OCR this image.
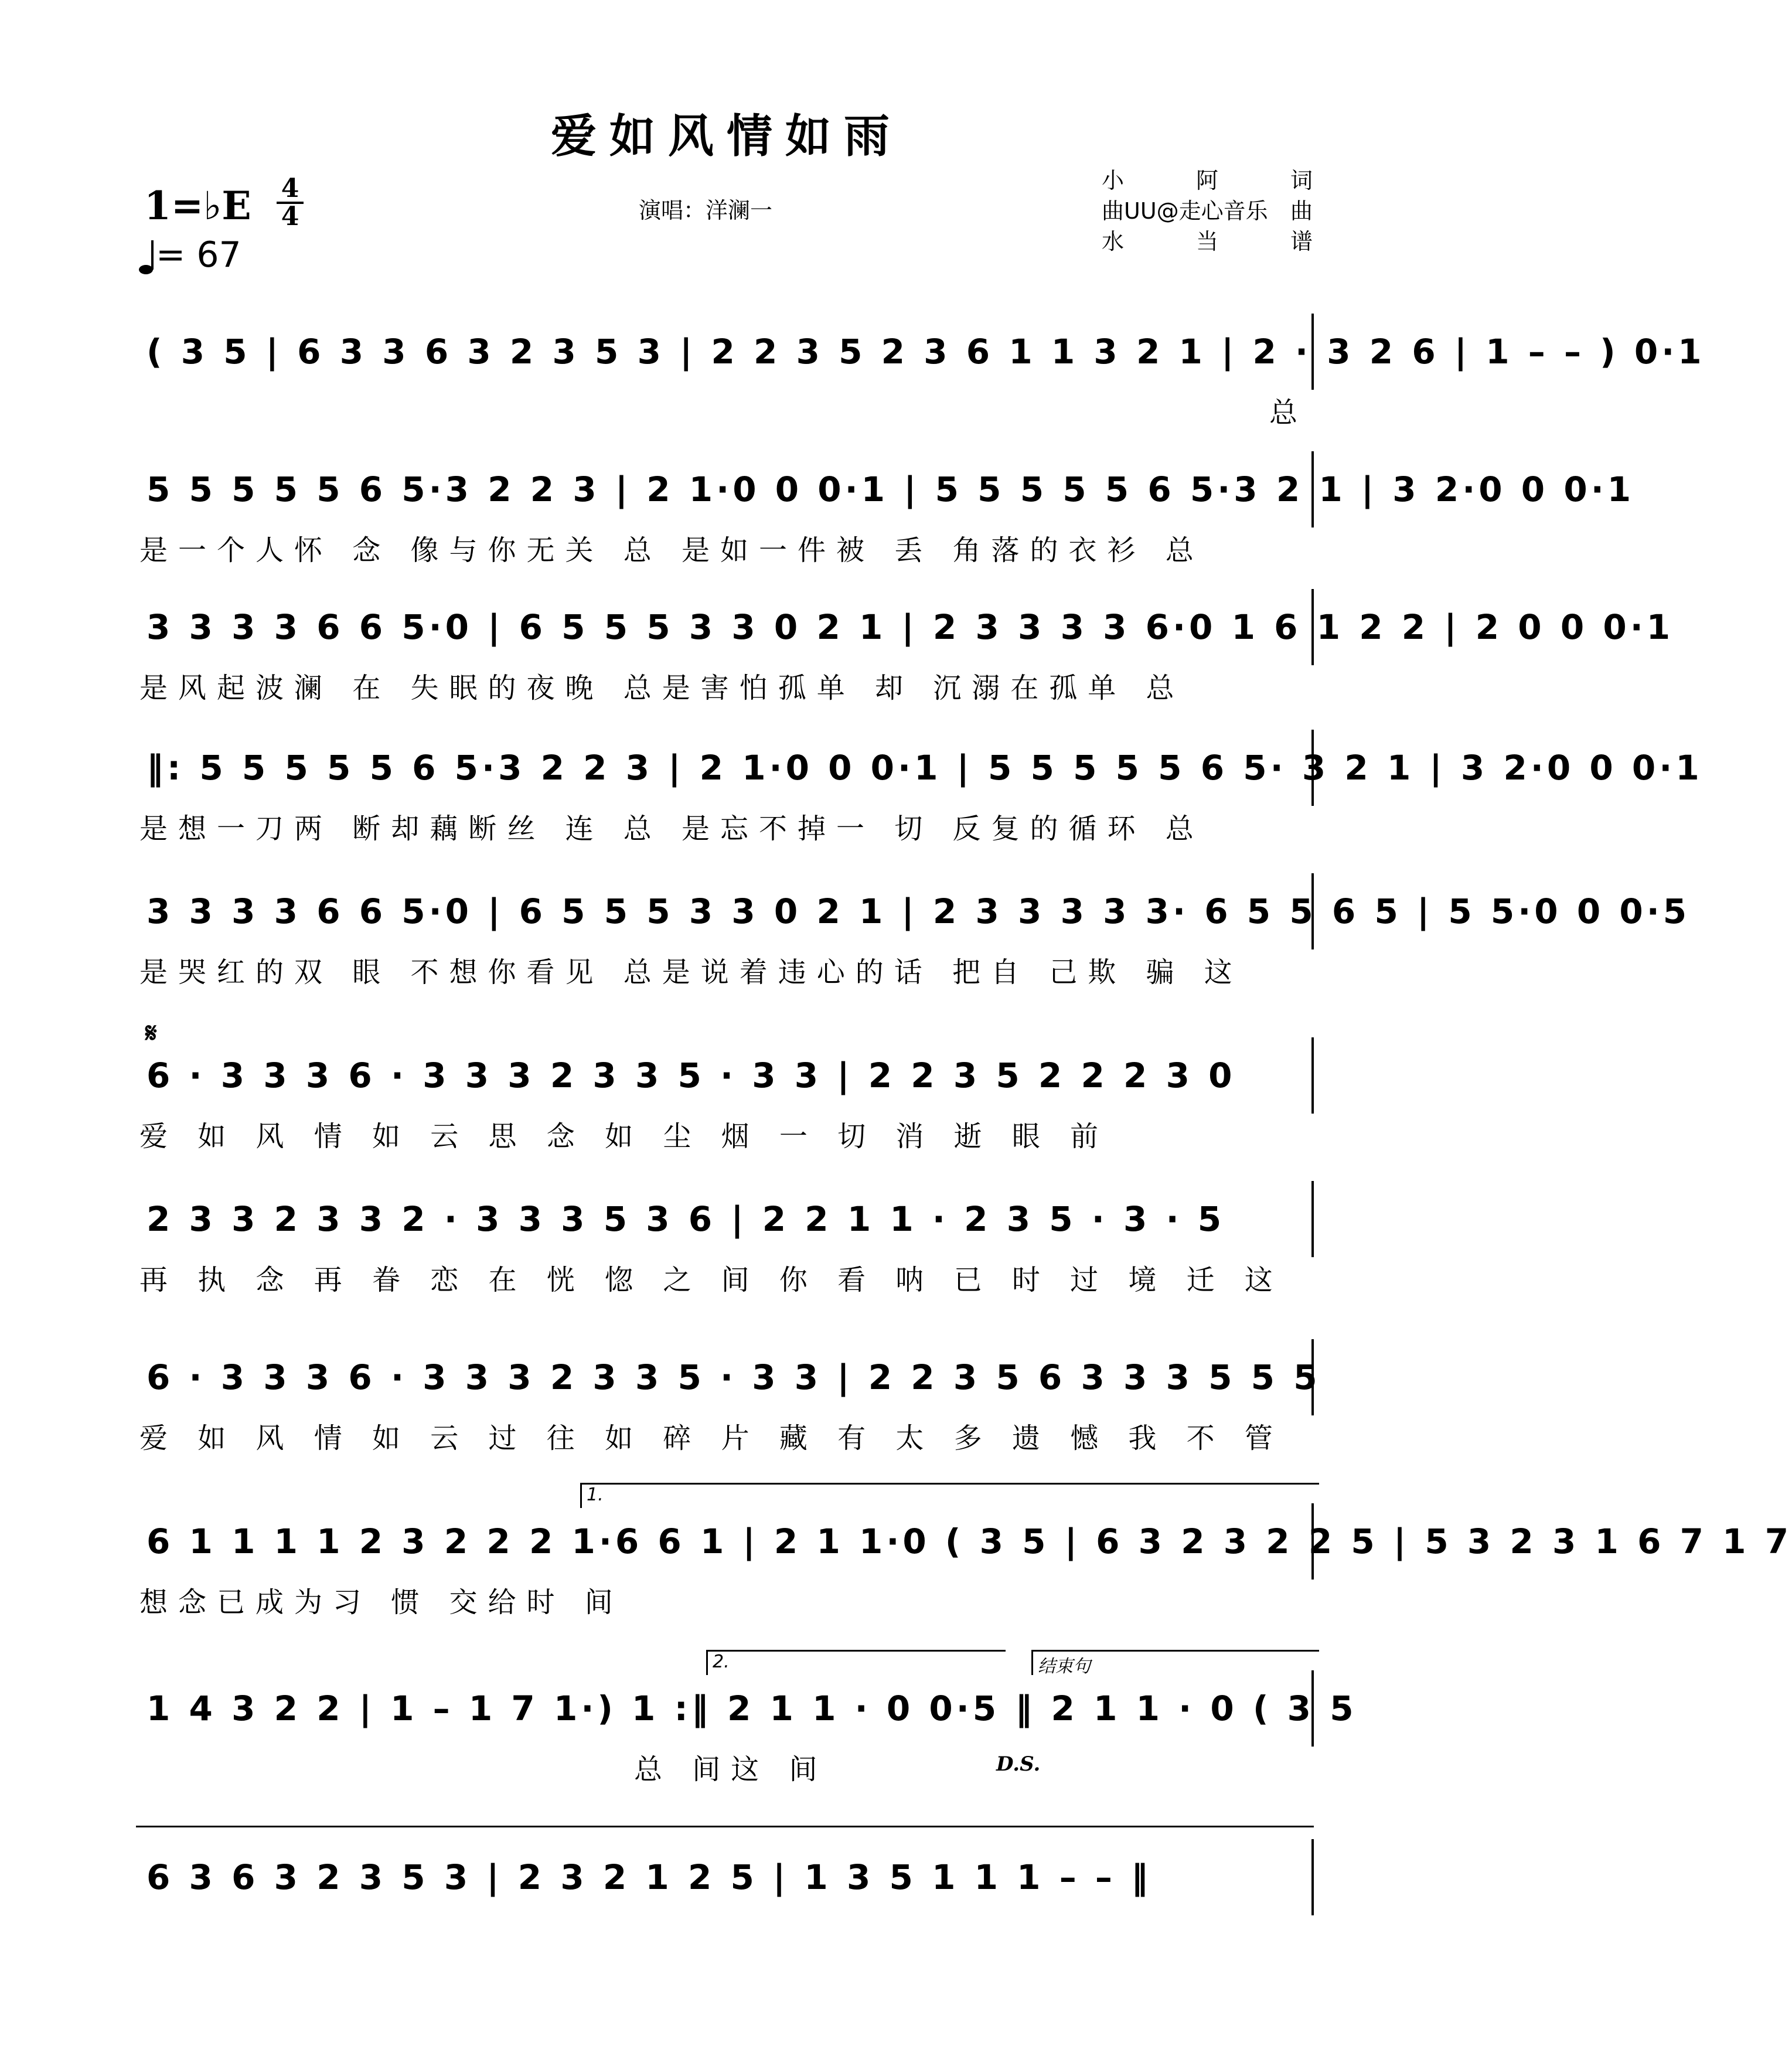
爱如风情如雨
1=♭E 4
4
= 67
演唱：洋澜一
小	阿	词
曲UU@走心音乐 曲
水	当	谱
( 3 5 | 6 3 3 6 3 2 3 5 3 | 2 2 3 5 2 3 6 1 1 3 2 1 | 2 · 3 2 6 | 1 – – ) 0·1
总
5 5 5 5 5 6 5·3 2 2 3 | 2 1·0 0 0·1 | 5 5 5 5 5 6 5·3 2 1 | 3 2·0 0 0·1
是一个人怀 念 像与你无关 总 是如一件被 丢 角落的衣衫 总
3 3 3 3 6 6 5·0 | 6 5 5 5 3 3 0 2 1 | 2 3 3 3 3 6·0 1 6 1 2 2 | 2 0 0 0·1
是风起波澜 在 失眠的夜晚 总是害怕孤单 却 沉溺在孤单 总
‖: 5 5 5 5 5 6 5·3 2 2 3 | 2 1·0 0 0·1 | 5 5 5 5 5 6 5· 3 2 1 | 3 2·0 0 0·1
是想一刀两 断却藕断丝 连 总 是忘不掉一 切 反复的循环 总
3 3 3 3 6 6 5·0 | 6 5 5 5 3 3 0 2 1 | 2 3 3 3 3 3· 6 5 5 6 5 | 5 5·0 0 0·5
是哭红的双 眼 不想你看见 总是说着违心的话 把自 己欺 骗 这
𝄋
6 · 3 3 3 6 · 3 3 3 2 3 3 5 · 3 3 | 2 2 3 5 2 2 2 3 0
爱 如 风 情 如 云 思 念 如 尘 烟 一 切 消 逝 眼 前
2 3 3 2 3 3 2 · 3 3 3 5 3 6 | 2 2 1 1 · 2 3 5 · 3 · 5
再 执 念 再 眷 恋 在 恍 惚 之 间 你 看 呐 已 时 过 境 迁 这
6 · 3 3 3 6 · 3 3 3 2 3 3 5 · 3 3 | 2 2 3 5 6 3 3 3 5 5 5
爱 如 风 情 如 云 过 往 如 碎 片 藏 有 太 多 遗 憾 我 不 管
1.
6 1 1 1 1 2 3 2 2 2 1·6 6 1 | 2 1 1·0 ( 3 5 | 6 3 2 3 2 2 5 | 5 3 2 3 1 6 7 1 7
想念已成为习 惯 交给时 间
2.	结束句
1 4 3 2 2 | 1 – 1 7 1·) 1 :‖ 2 1 1 · 0 0·5 ‖ 2 1 1 · 0 ( 3 5
总 间这 间	D.S.
6 3 6 3 2 3 5 3 | 2 3 2 1 2 5 | 1 3 5 1 1 1 – – ‖
